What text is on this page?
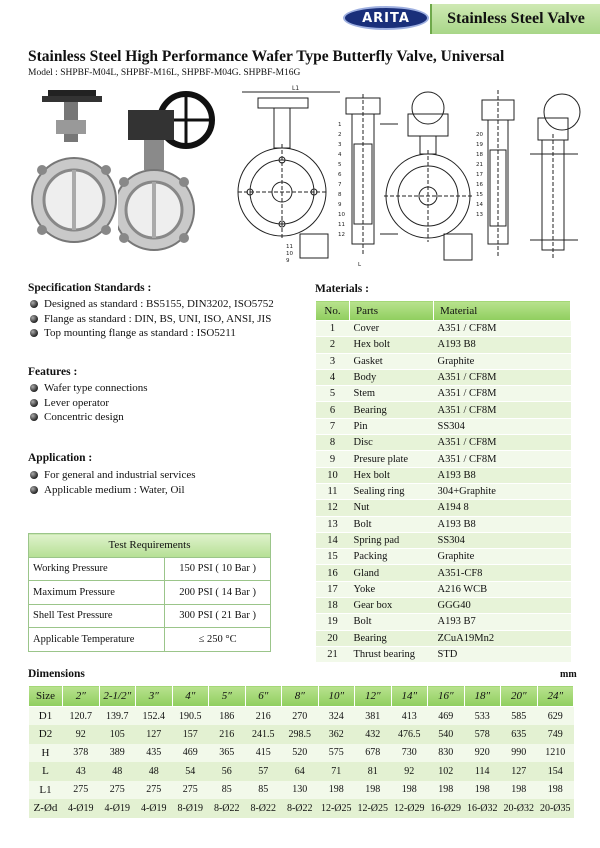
ARITA Stainless Steel Valve
Stainless Steel High Performance Wafer Type Butterfly Valve, Universal
Model : SHPBF-M04L, SHPBF-M16L, SHPBF-M04G. SHPBF-M16G
L1
11
10
9
1
2
3
4
5
6
7
8
9
10
11
12
20
19
18
21
17
16
15
14
13
L
Specification Standards :
Designed as standard : BS5155, DIN3202, ISO5752
Flange as standard : DIN, BS, UNI, ISO, ANSI, JIS
Top mounting flange as standard : ISO5211
Features :
Wafer type connections
Lever operator
Concentric design
Application :
For general and industrial services
Applicable medium : Water, Oil
Test Requirements	
Working Pressure	150 PSI ( 10 Bar )
Maximum Pressure	200 PSI ( 14 Bar )
Shell Test Pressure	300 PSI ( 21 Bar )
Applicable Temperature	≤ 250 °C
Materials :
No.	Parts	Material
1	Cover	A351 / CF8M
2	Hex bolt	A193 B8
3	Gasket	Graphite
4	Body	A351 / CF8M
5	Stem	A351 / CF8M
6	Bearing	A351 / CF8M
7	Pin	SS304
8	Disc	A351 / CF8M
9	Presure plate	A351 / CF8M
10	Hex bolt	A193 B8
11	Sealing ring	304+Graphite
12	Nut	A194 8
13	Bolt	A193 B8
14	Spring pad	SS304
15	Packing	Graphite
16	Gland	A351-CF8
17	Yoke	A216 WCB
18	Gear box	GGG40
19	Bolt	A193 B7
20	Bearing	ZCuA19Mn2
21	Thrust bearing	STD
Dimensions	mm
Size	2″	2-1/2″	3″	4″	5″	6″	8″	10″	12″	14″	16″	18″	20″	24″
D1	120.7	139.7	152.4	190.5	186	216	270	324	381	413	469	533	585	629
D2	92	105	127	157	216	241.5	298.5	362	432	476.5	540	578	635	749
H	378	389	435	469	365	415	520	575	678	730	830	920	990	1210
L	43	48	48	54	56	57	64	71	81	92	102	114	127	154
L1	275	275	275	275	85	85	130	198	198	198	198	198	198	198
Z-Ød	4-Ø19	4-Ø19	4-Ø19	8-Ø19	8-Ø22	8-Ø22	8-Ø22	12-Ø25	12-Ø25	12-Ø29	16-Ø29	16-Ø32	20-Ø32	20-Ø35
